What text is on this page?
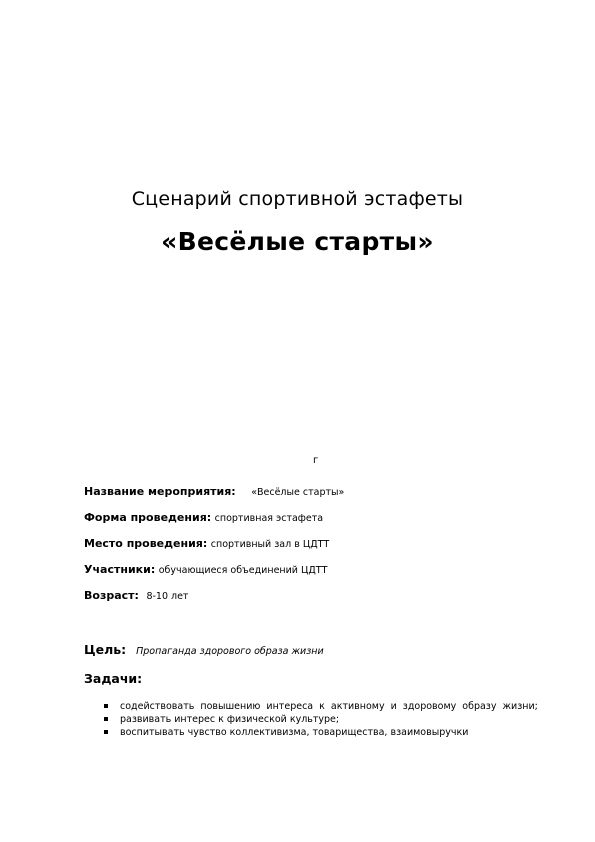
Сценарий спортивной эстафеты
«Весёлые старты»
г
Название мероприятия: «Весёлые старты»
Форма проведения: спортивная эстафета
Место проведения: спортивный зал в ЦДТТ
Участники: обучающиеся объединений ЦДТТ
Возраст: 8-10 лет
Цель: Пропаганда здорового образа жизни
Задачи:
содействовать повышению интереса к активному и здоровому образу жизни;
развивать интерес к физической культуре;
воспитывать чувство коллективизма, товарищества, взаимовыручки
